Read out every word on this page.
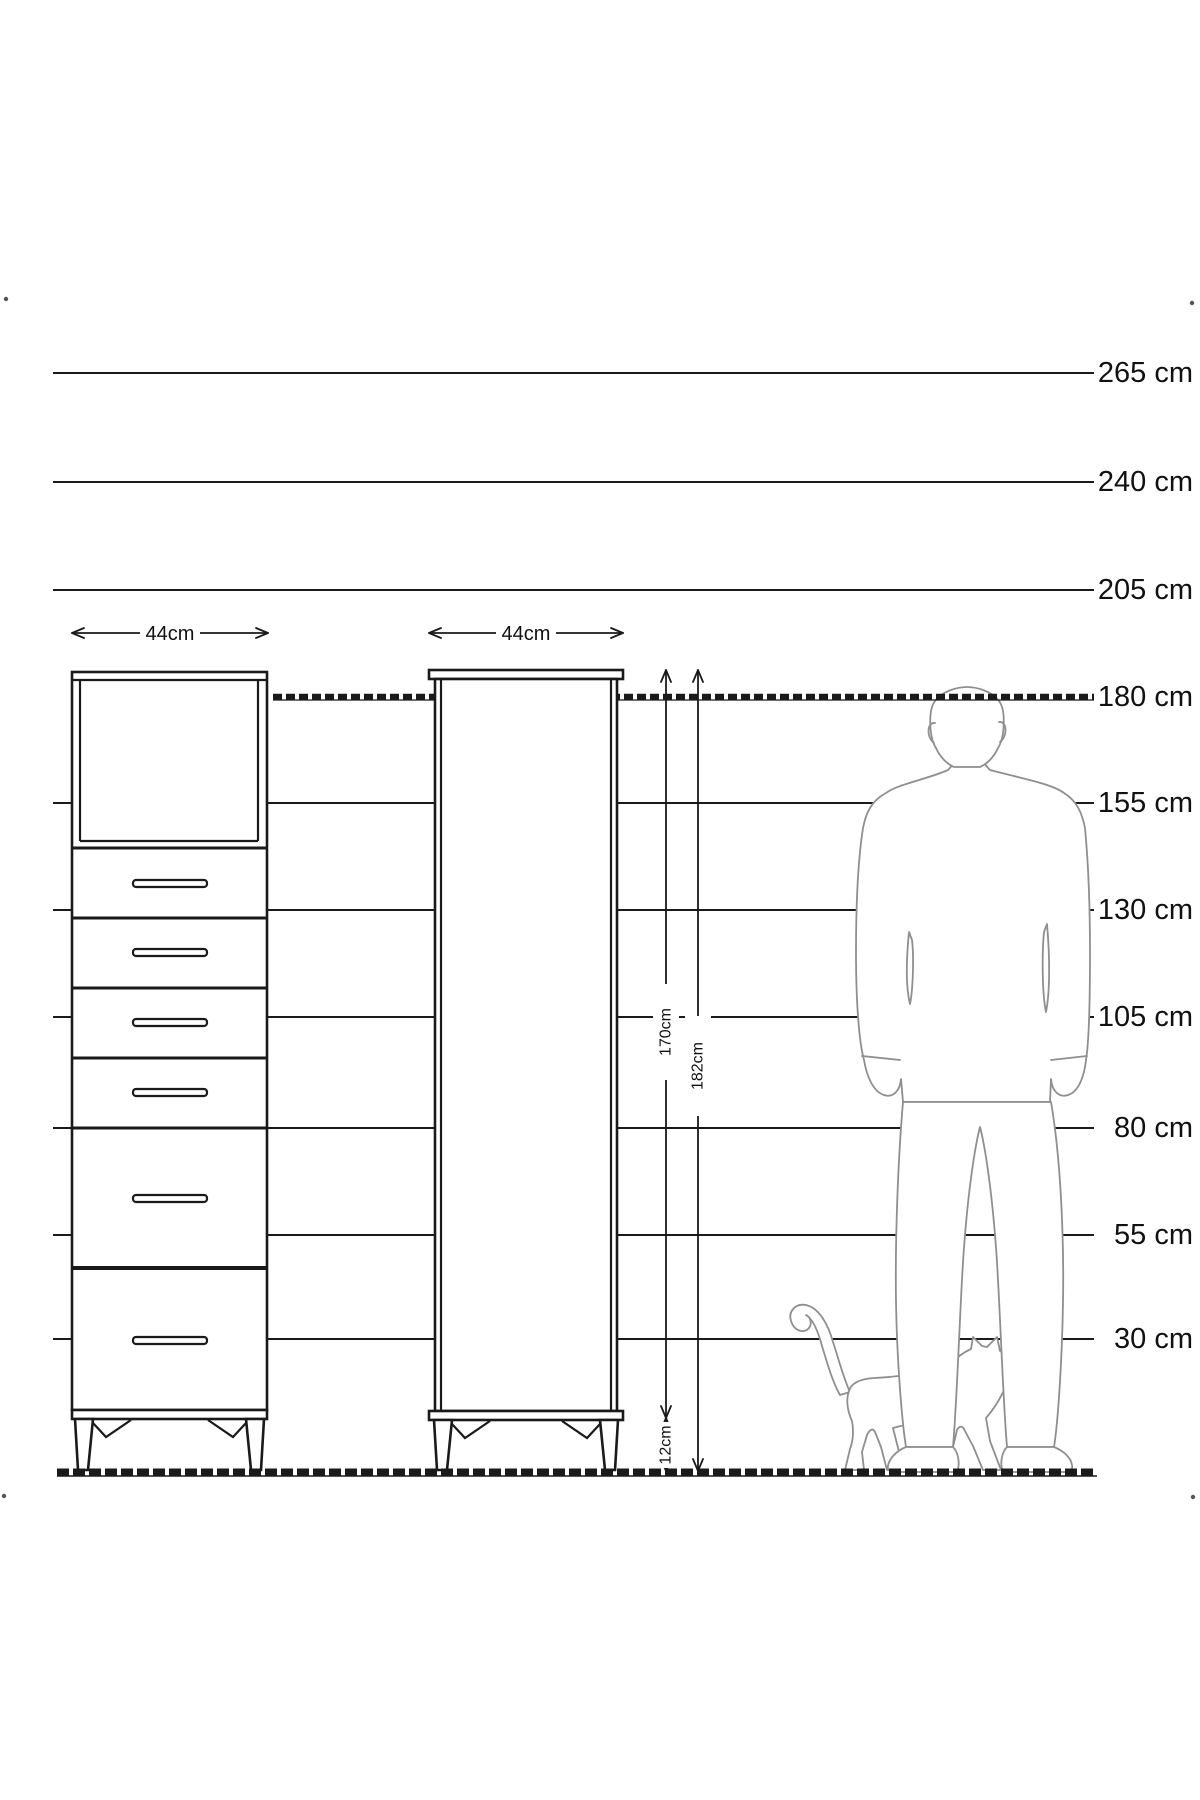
44cm	44cm
170cm
182cm
12cm
265 cm
240 cm
205 cm
180 cm
155 cm
130 cm
105 cm
80 cm
55 cm
30 cm
